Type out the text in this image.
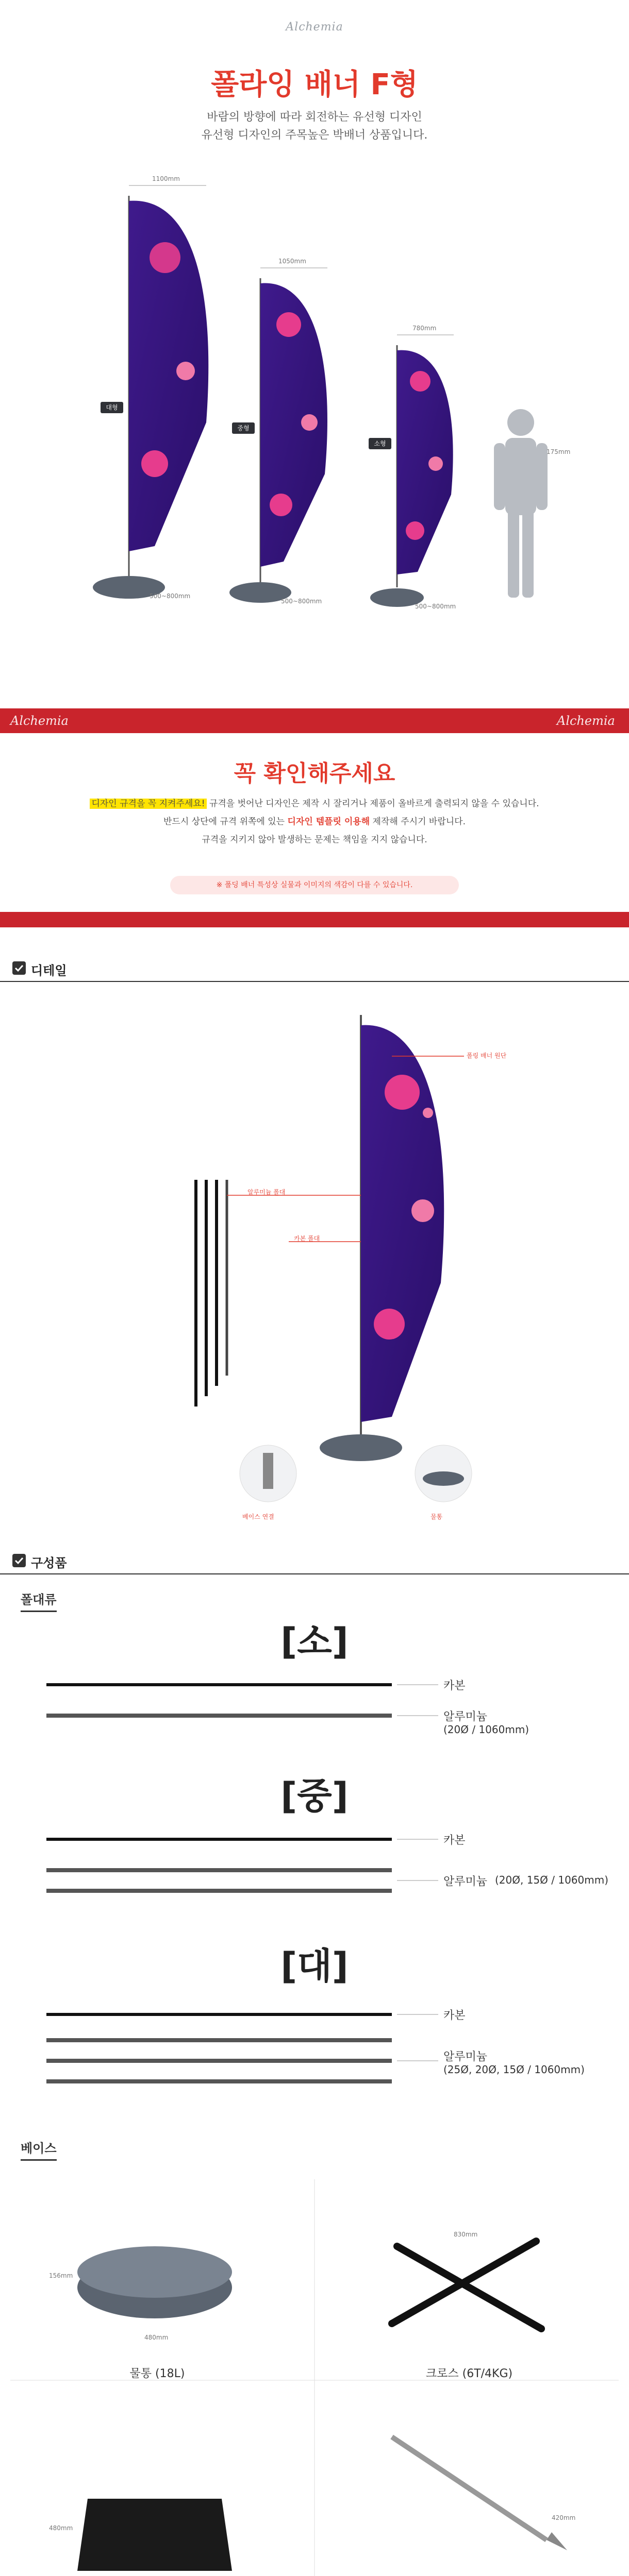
Alchemia
폴라잉 배너 F형
바람의 방향에 따라 회전하는 유선형 디자인
유선형 디자인의 주목높은 박배너 상품입니다.
1100mm
1050mm
780mm
500~800mm
500~800mm
500~800mm
175mm
대형
중형
소형
Alchemia	Alchemia
꼭 확인해주세요
디자인 규격을 꼭 지켜주세요! 규격을 벗어난 디자인은 제작 시 잘리거나 제품이 올바르게 출력되지 않을 수 있습니다.
반드시 상단에 규격 위쪽에 있는 디자인 템플릿 이용해 제작해 주시기 바랍니다.
규격을 지키지 않아 발생하는 문제는 책임을 지지 않습니다.
※ 폴딩 배너 특성상 실물과 이미지의 색감이 다를 수 있습니다.
디테일
폴링 배너 원단
알루미늄 폴대
카본 폴대
베이스 연결	물통
구성품
폴대류
[소]
카본
알루미늄
(20Ø / 1060mm)
[중]
카본
알루미늄 (20Ø, 15Ø / 1060mm)
[대]
카본
알루미늄
(25Ø, 20Ø, 15Ø / 1060mm)
베이스
480mm
156mm
물통 (18L)
830mm
크로스 (6T/4KG)
480mm
420mm
